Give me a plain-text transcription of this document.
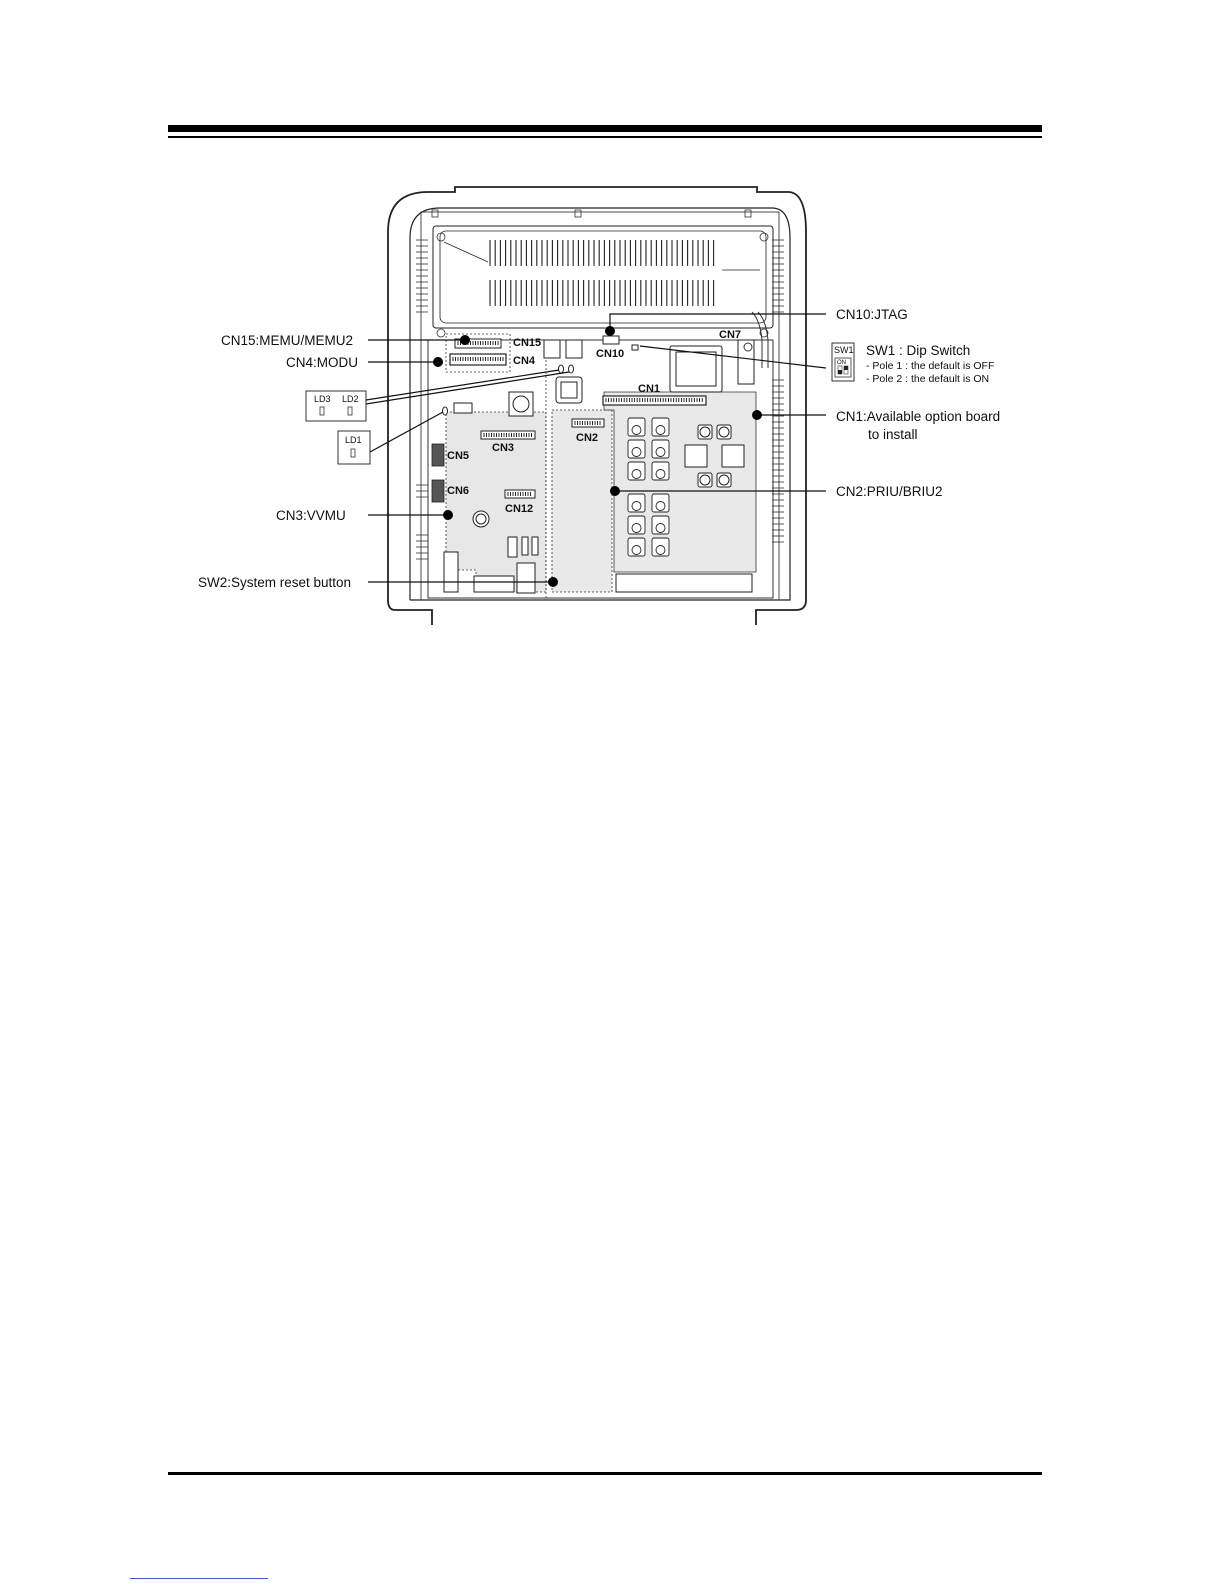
CN15
CN4
CN10
CN7
CN1
CN2
CN3
CN5
CN6
CN12
LD3 LD2
LD1
SW1
ON
CN10:JTAG
CN15:MEMU/MEMU2
CN4:MODU
SW1 : Dip Switch
- Pole 1 : the default is OFF
- Pole 2 : the default is ON
CN1:Available option board
to install
CN2:PRIU/BRIU2
CN3:VVMU
SW2:System reset button
